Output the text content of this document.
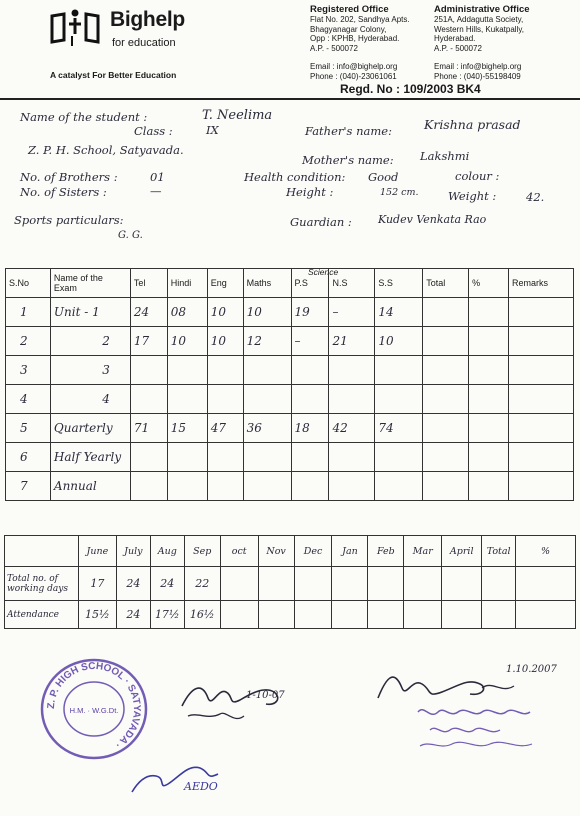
Bighelp
for education
A catalyst For Better Education
Registered Office
Flat No. 202, Sandhya Apts.
Bhagyanagar Colony,
Opp : KPHB, Hyderabad.
A.P. - 500072
Email : info@bighelp.org
Phone : (040)-23061061
Administrative Office
251A, Addagutta Society,
Western Hills, Kukatpally,
Hyderabad.
A.P. - 500072
Email : info@bighelp.org
Phone : (040)-55198409
Regd. No : 109/2003 BK4
Name of the student :	T. Neelima
Class :	IX	Father's name:	Krishna prasad
Z. P. H. School, Satyavada.
Mother's name: Lakshmi
No. of Brothers :	01	Health condition: Good	colour :
No. of Sisters :	—	Height :	152 cm.	Weight :	42.
Sports particulars:
G. G.
Guardian : Kudev Venkata Rao
Science
S.No	Name of the Exam	Tel	Hindi	Eng	Maths	P.S	N.S	S.S	Total	%	Remarks
1	Unit - 1	24	08	10	10	19	–	14			
2	2	17	10	10	12	–	21	10			
3	3										
4	4										
5	Quarterly	71	15	47	36	18	42	74			
6	Half Yearly										
7	Annual										
	June	July	Aug	Sep	oct	Nov	Dec	Jan	Feb	Mar	April	Total	%
Total no. of working days	17	24	24	22									
Attendance	15½	24	17½	16½									
Z. P. HIGH SCHOOL · SATYAVADA ·
H.M. · W.G.Dt.
1-10-07
1.10.2007
AEDO
